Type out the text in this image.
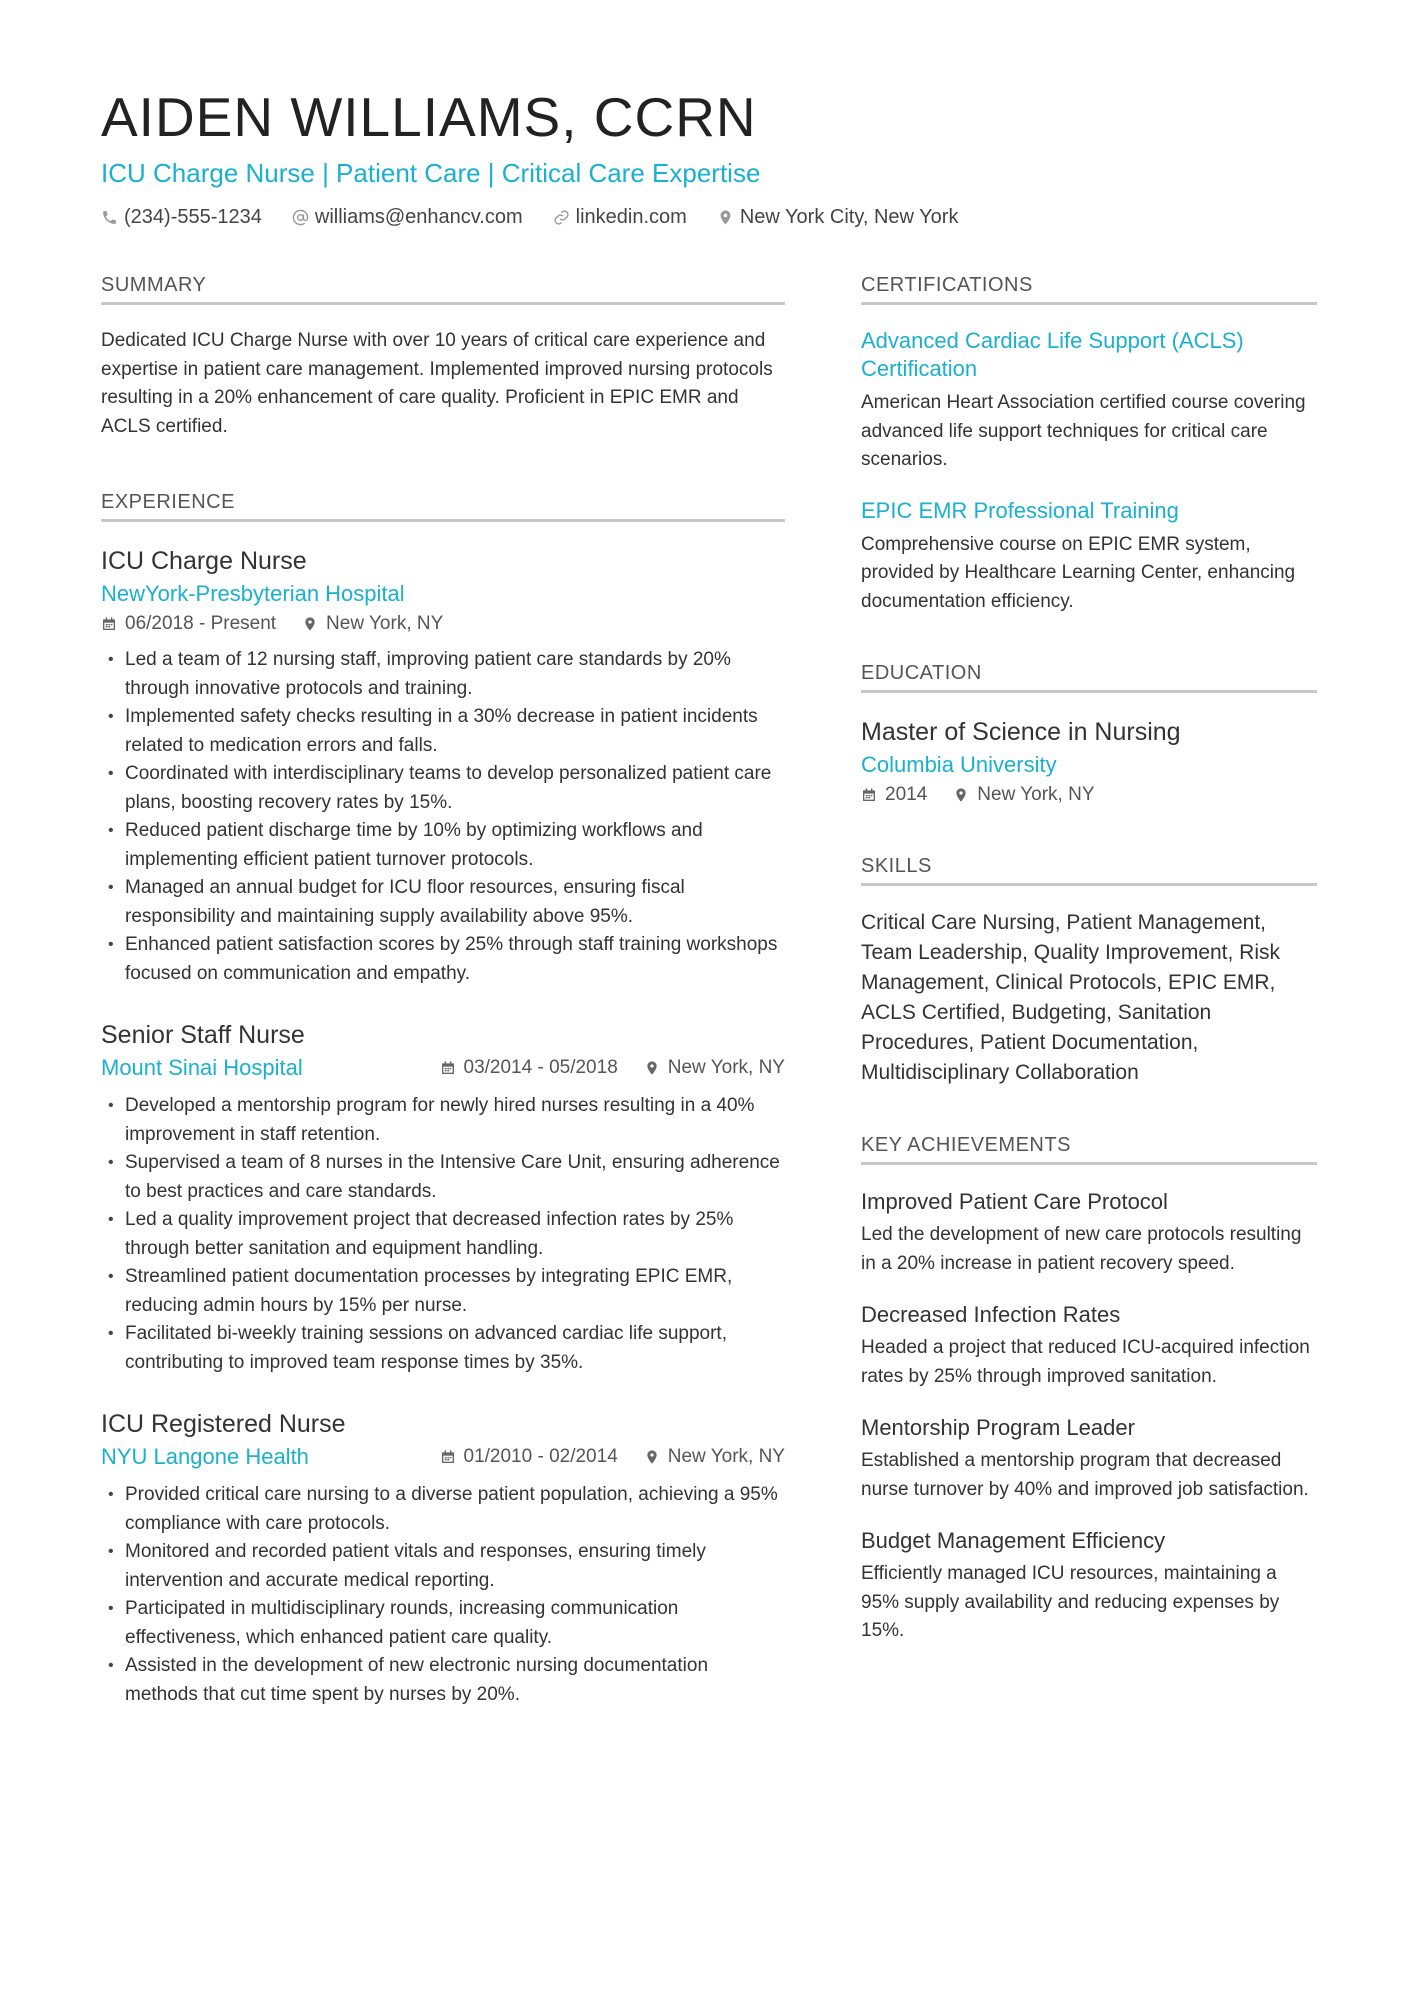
AIDEN WILLIAMS, CCRN
ICU Charge Nurse | Patient Care | Critical Care Expertise
(234)-555-1234	williams@enhancv.com	linkedin.com	New York City, New York
SUMMARY

Dedicated ICU Charge Nurse with over 10 years of critical care experience and expertise in patient care management. Implemented improved nursing protocols resulting in a 20% enhancement of care quality. Proficient in EPIC EMR and ACLS certified.

EXPERIENCE
ICU Charge Nurse
NewYork-Presbyterian Hospital
06/2018 - Present	New York, NY
• Led a team of 12 nursing staff, improving patient care standards by 20% through innovative protocols and training.
• Implemented safety checks resulting in a 30% decrease in patient incidents related to medication errors and falls.
• Coordinated with interdisciplinary teams to develop personalized patient care plans, boosting recovery rates by 15%.
• Reduced patient discharge time by 10% by optimizing workflows and implementing efficient patient turnover protocols.
• Managed an annual budget for ICU floor resources, ensuring fiscal responsibility and maintaining supply availability above 95%.
• Enhanced patient satisfaction scores by 25% through staff training workshops focused on communication and empathy.
Senior Staff Nurse
Mount Sinai Hospital	03/2014 - 05/2018	New York, NY
• Developed a mentorship program for newly hired nurses resulting in a 40% improvement in staff retention.
• Supervised a team of 8 nurses in the Intensive Care Unit, ensuring adherence to best practices and care standards.
• Led a quality improvement project that decreased infection rates by 25% through better sanitation and equipment handling.
• Streamlined patient documentation processes by integrating EPIC EMR, reducing admin hours by 15% per nurse.
• Facilitated bi-weekly training sessions on advanced cardiac life support, contributing to improved team response times by 35%.
ICU Registered Nurse
NYU Langone Health	01/2010 - 02/2014	New York, NY
• Provided critical care nursing to a diverse patient population, achieving a 95% compliance with care protocols.
• Monitored and recorded patient vitals and responses, ensuring timely intervention and accurate medical reporting.
• Participated in multidisciplinary rounds, increasing communication effectiveness, which enhanced patient care quality.
• Assisted in the development of new electronic nursing documentation methods that cut time spent by nurses by 20%.
CERTIFICATIONS
Advanced Cardiac Life Support (ACLS) Certification

American Heart Association certified course covering advanced life support techniques for critical care scenarios.

EPIC EMR Professional Training

Comprehensive course on EPIC EMR system, provided by Healthcare Learning Center, enhancing documentation efficiency.

EDUCATION
Master of Science in Nursing
Columbia University
2014	New York, NY
SKILLS

Critical Care Nursing, Patient Management, Team Leadership, Quality Improvement, Risk Management, Clinical Protocols, EPIC EMR, ACLS Certified, Budgeting, Sanitation Procedures, Patient Documentation, Multidisciplinary Collaboration

KEY ACHIEVEMENTS
Improved Patient Care Protocol

Led the development of new care protocols resulting in a 20% increase in patient recovery speed.

Decreased Infection Rates

Headed a project that reduced ICU-acquired infection rates by 25% through improved sanitation.

Mentorship Program Leader

Established a mentorship program that decreased nurse turnover by 40% and improved job satisfaction.

Budget Management Efficiency

Efficiently managed ICU resources, maintaining a 95% supply availability and reducing expenses by 15%.
